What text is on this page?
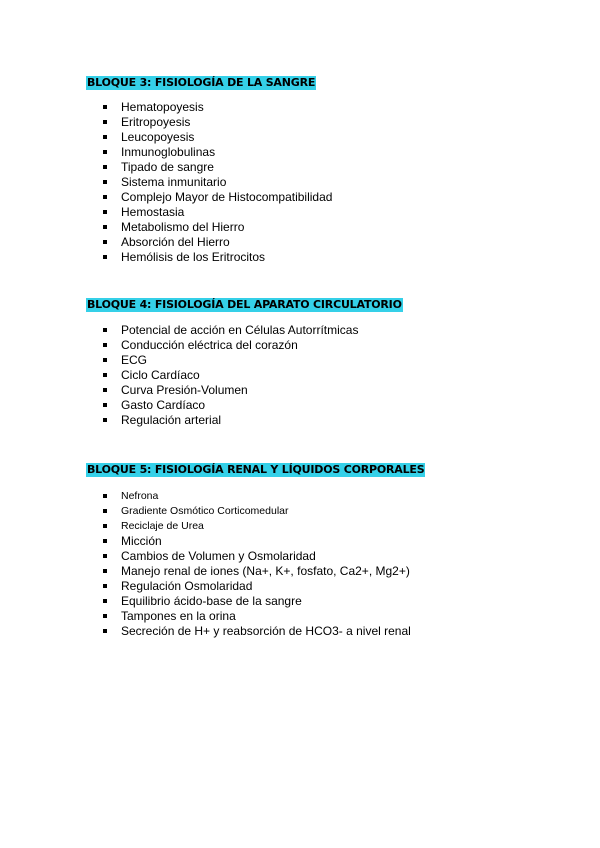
BLOQUE 3: FISIOLOGÍA DE LA SANGRE
Hematopoyesis
Eritropoyesis
Leucopoyesis
Inmunoglobulinas
Tipado de sangre
Sistema inmunitario
Complejo Mayor de Histocompatibilidad
Hemostasia
Metabolismo del Hierro
Absorción del Hierro
Hemólisis de los Eritrocitos
BLOQUE 4: FISIOLOGÍA DEL APARATO CIRCULATORIO
Potencial de acción en Células Autorrítmicas
Conducción eléctrica del corazón
ECG
Ciclo Cardíaco
Curva Presión-Volumen
Gasto Cardíaco
Regulación arterial
BLOQUE 5: FISIOLOGÍA RENAL Y LÍQUIDOS CORPORALES
Nefrona
Gradiente Osmótico Corticomedular
Reciclaje de Urea
Micción
Cambios de Volumen y Osmolaridad
Manejo renal de iones (Na+, K+, fosfato, Ca2+, Mg2+)
Regulación Osmolaridad
Equilibrio ácido-base de la sangre
Tampones en la orina
Secreción de H+ y reabsorción de HCO3- a nivel renal
